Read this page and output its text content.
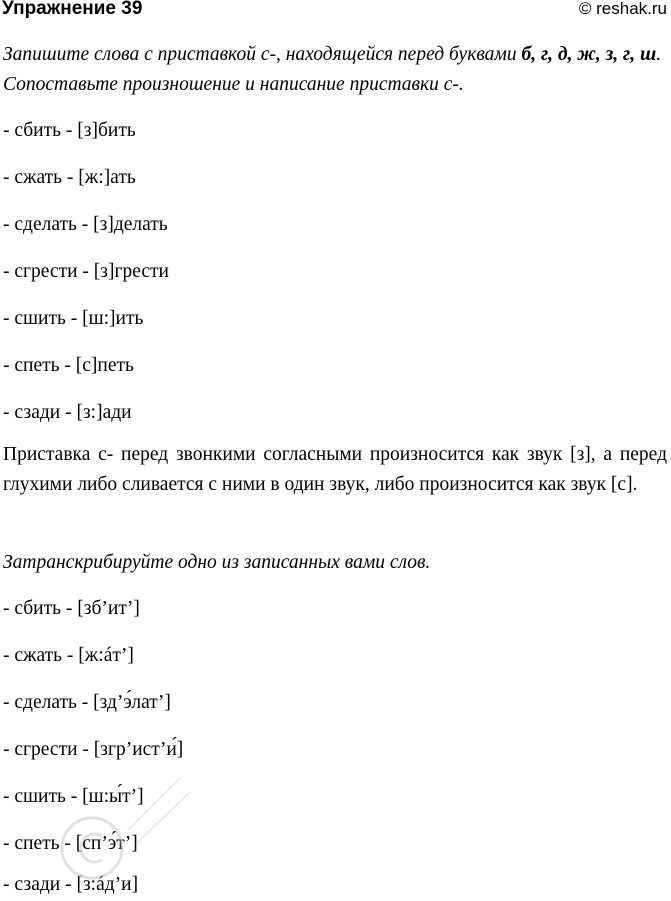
Упражнение 39	© reshak.ru
Запишите слова с приставкой с-, находящейся перед буквами б, г, д, ж, з, г, ш. Сопоставьте произношение и написание приставки с-.
- сбить - [з]бить
- сжать - [ж:]ать
- сделать - [з]делать
- сгрести - [з]грести
- сшить - [ш:]ить
- спеть - [с]петь
- сзади - [з:]ади
Приставка с- перед звонкими согласными произносится как звук [з], а перед глухими либо сливается с ними в один звук, либо произносится как звук [с].
Затранскрибируйте одно из записанных вами слов.
- сбить - [зб’ит’]
- сжать - [ж:áт’]
- сделать - [зд’э́лат’]
- сгрести - [згр’ист’и́]
- сшить - [ш:ы́т’]
- спеть - [сп’э́т’]
- сзади - [з:áд’и]
